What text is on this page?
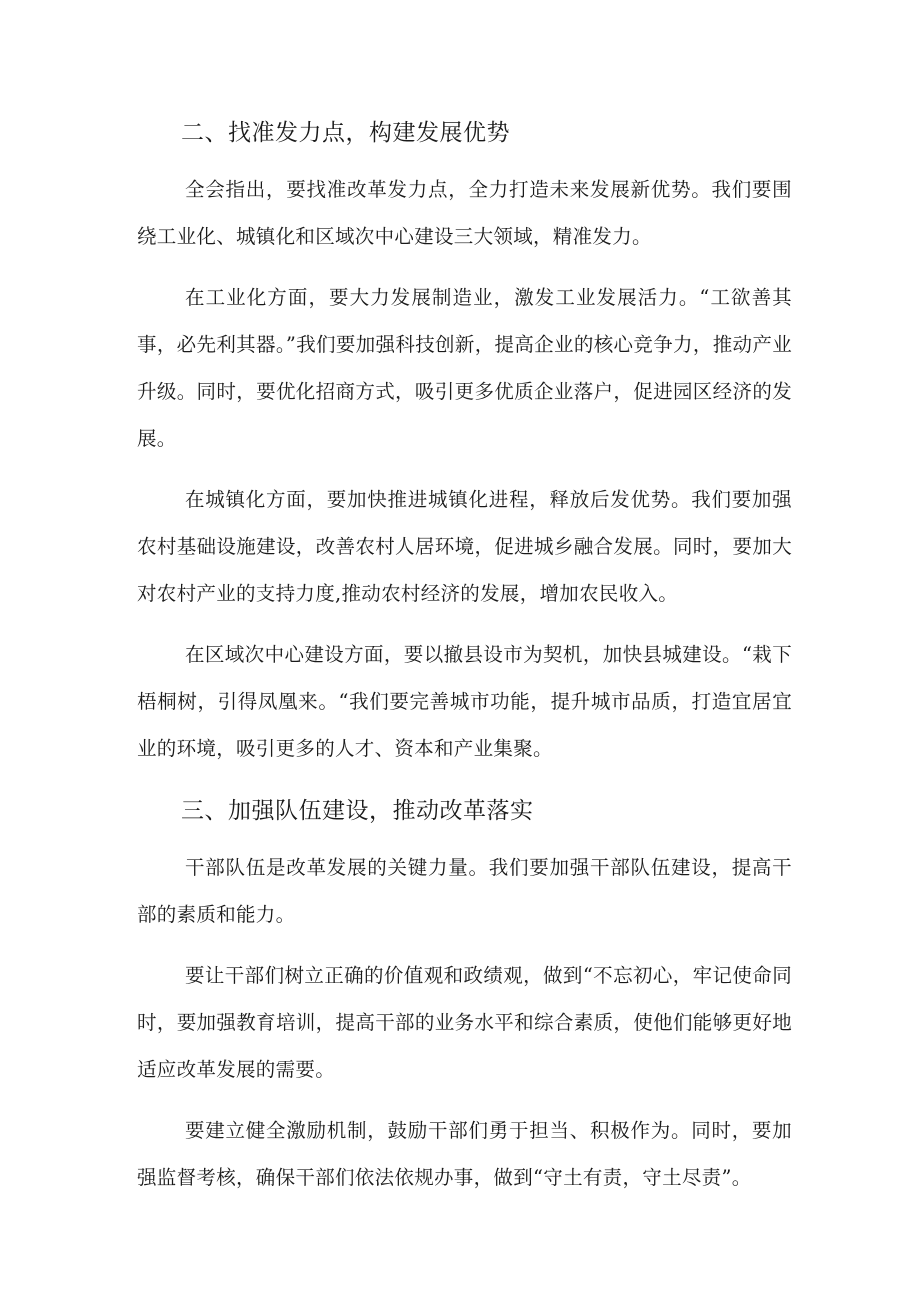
二、找准发力点，构建发展优势

全会指出，要找准改革发力点，全力打造未来发展新优势。我们要围绕工业化、城镇化和区域次中心建设三大领域，精准发力。

在工业化方面，要大力发展制造业，激发工业发展活力。“工欲善其事，必先利其器。”我们要加强科技创新，提高企业的核心竞争力，推动产业升级。同时，要优化招商方式，吸引更多优质企业落户，促进园区经济的发展。

在城镇化方面，要加快推进城镇化进程，释放后发优势。我们要加强农村基础设施建设，改善农村人居环境，促进城乡融合发展。同时，要加大对农村产业的支持力度,推动农村经济的发展，增加农民收入。

在区域次中心建设方面，要以撤县设市为契机，加快县城建设。“栽下梧桐树，引得凤凰来。“我们要完善城市功能，提升城市品质，打造宜居宜业的环境，吸引更多的人才、资本和产业集聚。

三、加强队伍建设，推动改革落实

干部队伍是改革发展的关键力量。我们要加强干部队伍建设，提高干部的素质和能力。

要让干部们树立正确的价值观和政绩观，做到“不忘初心，牢记使命同时，要加强教育培训，提高干部的业务水平和综合素质，使他们能够更好地适应改革发展的需要。

要建立健全激励机制，鼓励干部们勇于担当、积极作为。同时，要加强监督考核，确保干部们依法依规办事，做到“守土有责，守土尽责”。
